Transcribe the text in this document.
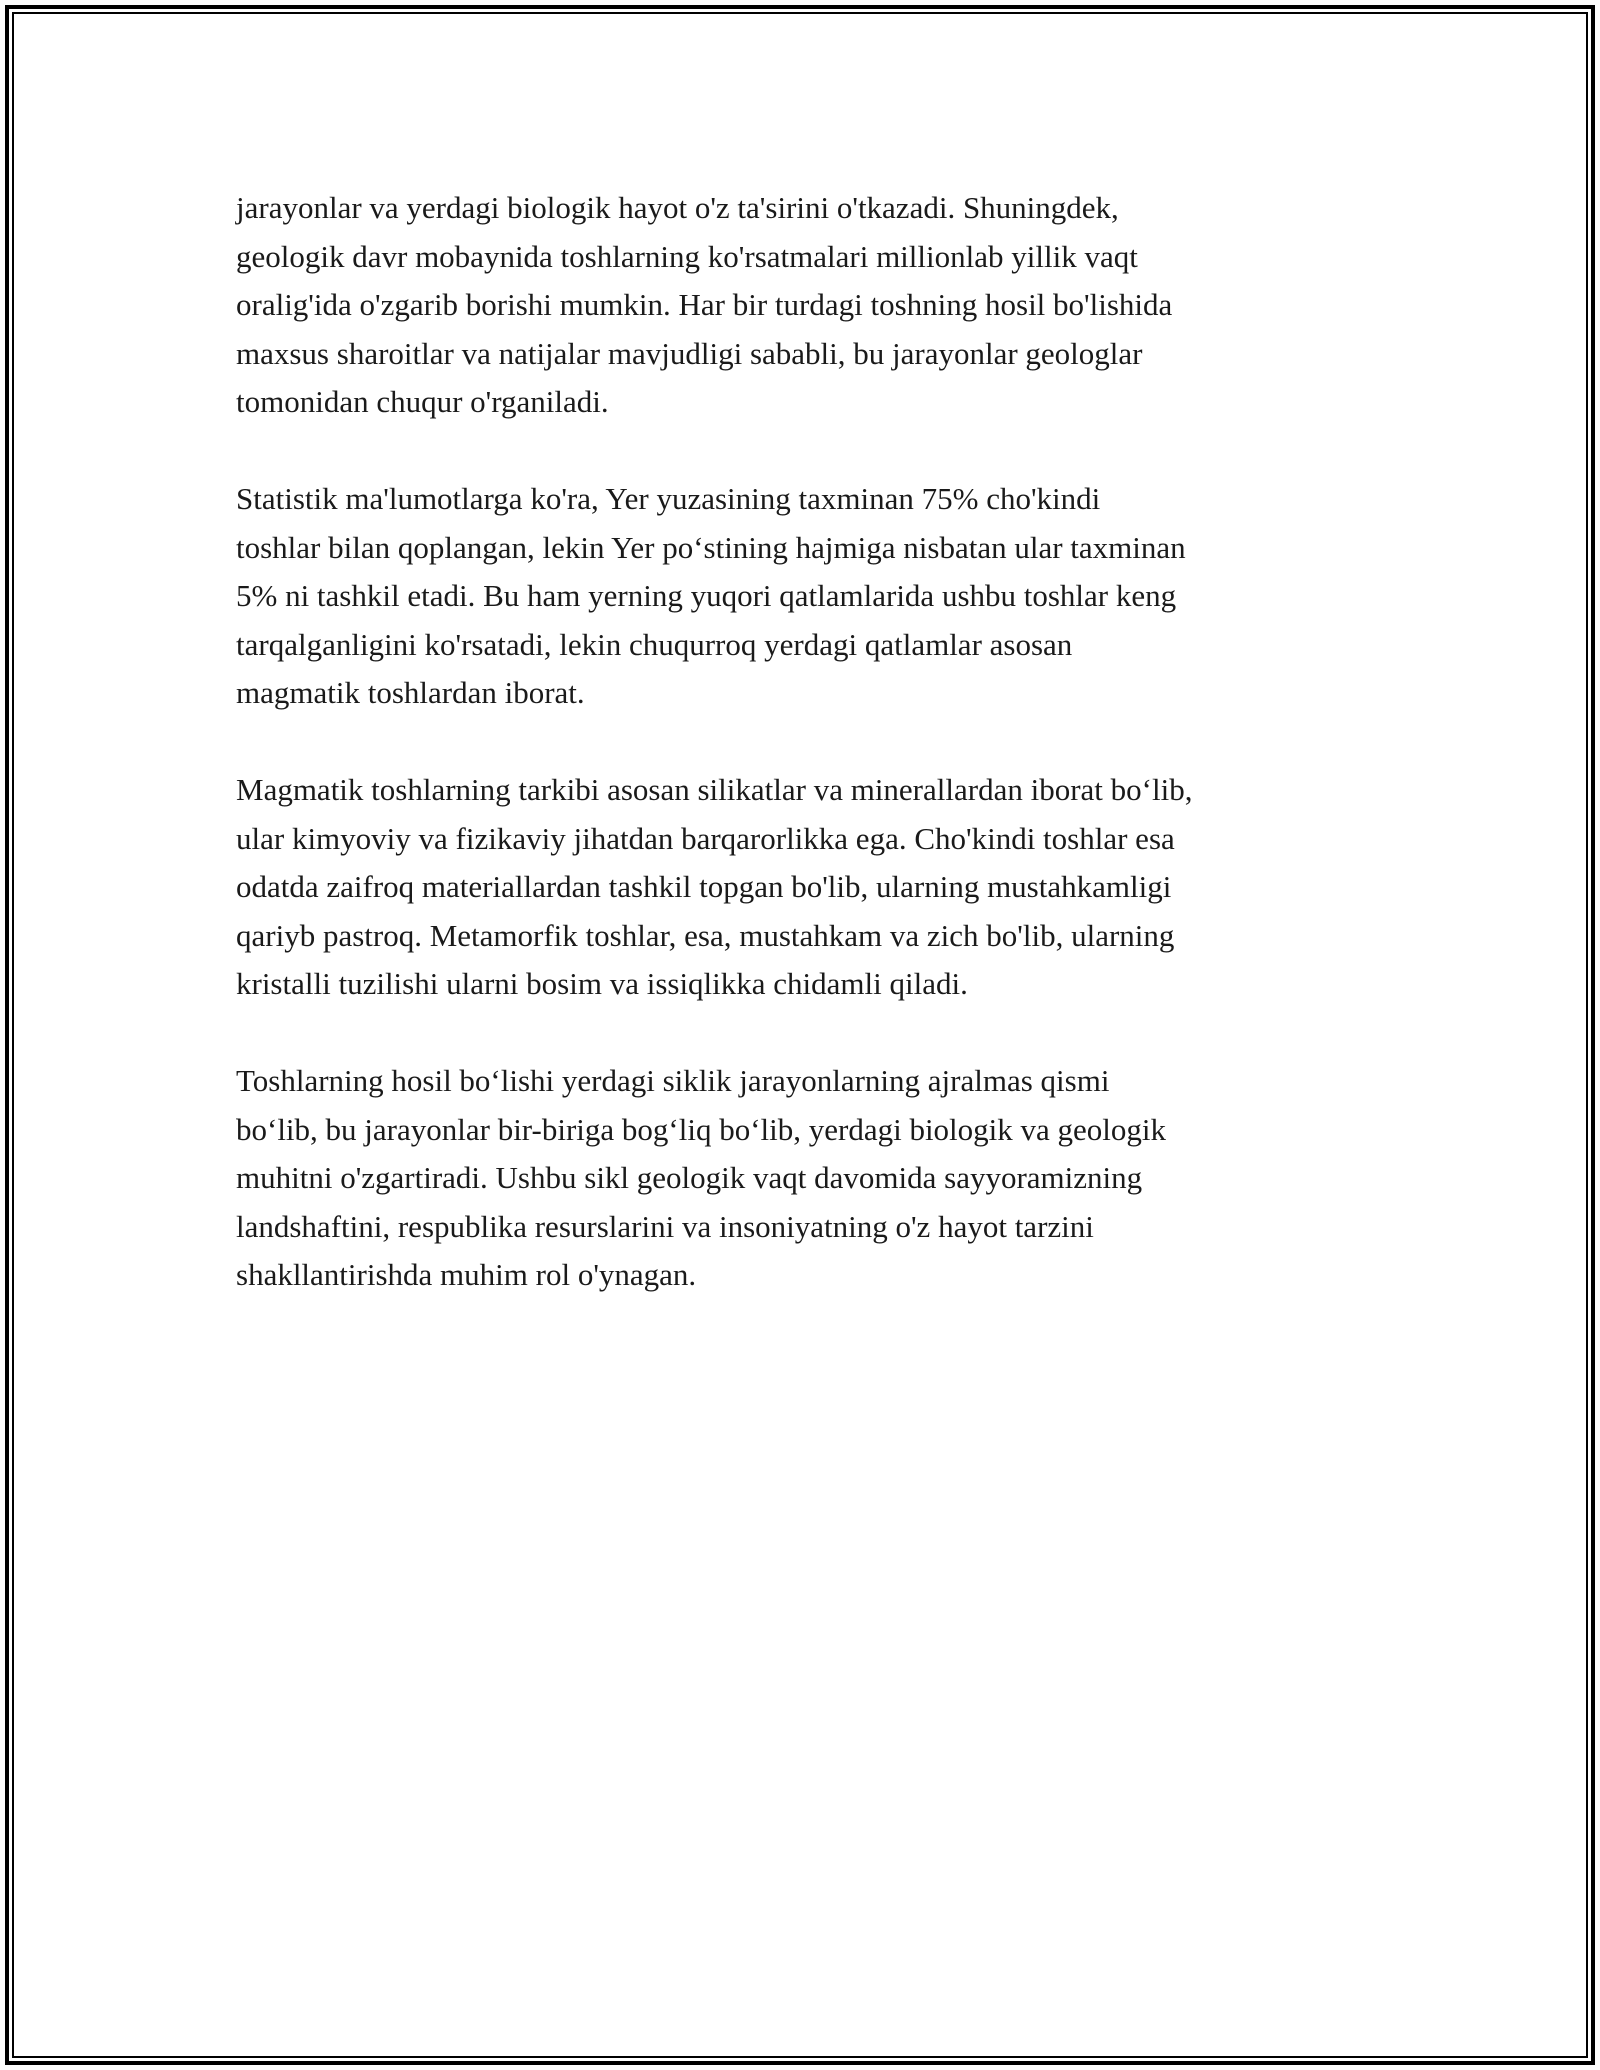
jarayonlar va yerdagi biologik hayot o'z ta'sirini o'tkazadi. Shuningdek,
geologik davr mobaynida toshlarning ko'rsatmalari millionlab yillik vaqt
oralig'ida o'zgarib borishi mumkin. Har bir turdagi toshning hosil bo'lishida
maxsus sharoitlar va natijalar mavjudligi sababli, bu jarayonlar geologlar
tomonidan chuqur o'rganiladi.

Statistik ma'lumotlarga ko'ra, Yer yuzasining taxminan 75% cho'kindi
toshlar bilan qoplangan, lekin Yer po‘stining hajmiga nisbatan ular taxminan
5% ni tashkil etadi. Bu ham yerning yuqori qatlamlarida ushbu toshlar keng
tarqalganligini ko'rsatadi, lekin chuqurroq yerdagi qatlamlar asosan
magmatik toshlardan iborat.

Magmatik toshlarning tarkibi asosan silikatlar va minerallardan iborat bo‘lib,
ular kimyoviy va fizikaviy jihatdan barqarorlikka ega. Cho'kindi toshlar esa
odatda zaifroq materiallardan tashkil topgan bo'lib, ularning mustahkamligi
qariyb pastroq. Metamorfik toshlar, esa, mustahkam va zich bo'lib, ularning
kristalli tuzilishi ularni bosim va issiqlikka chidamli qiladi.

Toshlarning hosil bo‘lishi yerdagi siklik jarayonlarning ajralmas qismi
bo‘lib, bu jarayonlar bir-biriga bog‘liq bo‘lib, yerdagi biologik va geologik
muhitni o'zgartiradi. Ushbu sikl geologik vaqt davomida sayyoramizning
landshaftini, respublika resurslarini va insoniyatning o'z hayot tarzini
shakllantirishda muhim rol o'ynagan.
